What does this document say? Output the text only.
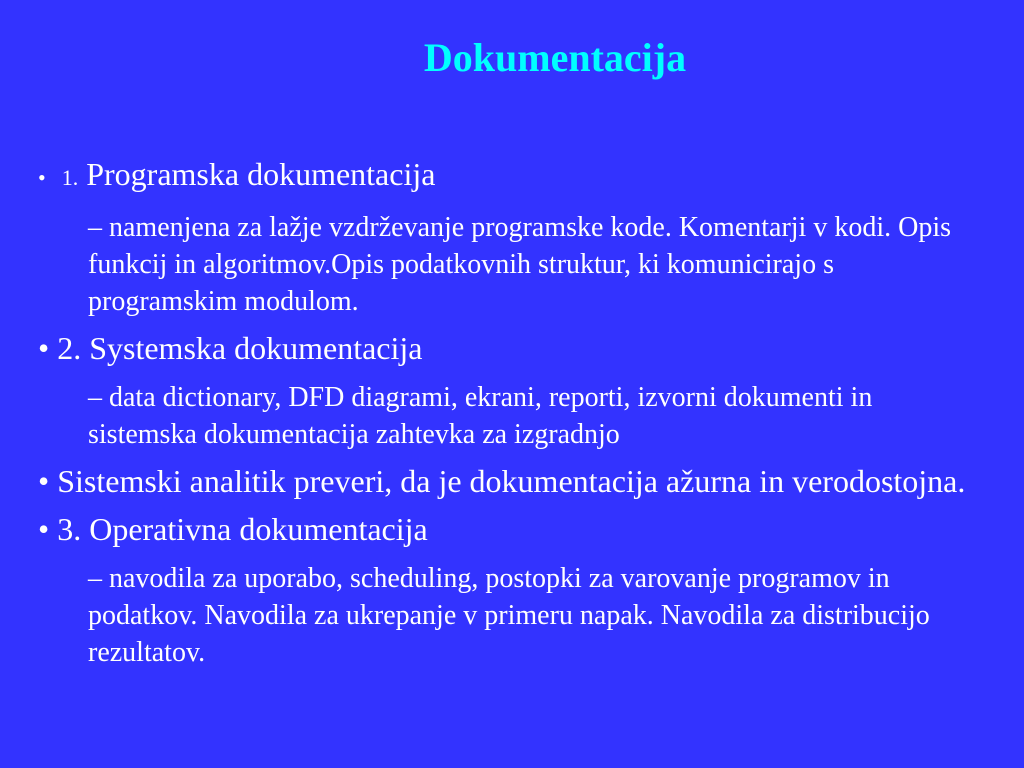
Dokumentacija
• 1. Programska dokumentacija
– namenjena za lažje vzdrževanje programske kode. Komentarji v kodi. Opis funkcij in algoritmov.Opis podatkovnih struktur, ki komunicirajo s programskim modulom.
• 2. Systemska dokumentacija
– data dictionary, DFD diagrami, ekrani, reporti, izvorni dokumenti in sistemska dokumentacija zahtevka za izgradnjo
• Sistemski analitik preveri, da je dokumentacija ažurna in verodostojna.
• 3. Operativna dokumentacija
– navodila za uporabo, scheduling, postopki za varovanje programov in podatkov. Navodila za ukrepanje v primeru napak. Navodila za distribucijo rezultatov.
